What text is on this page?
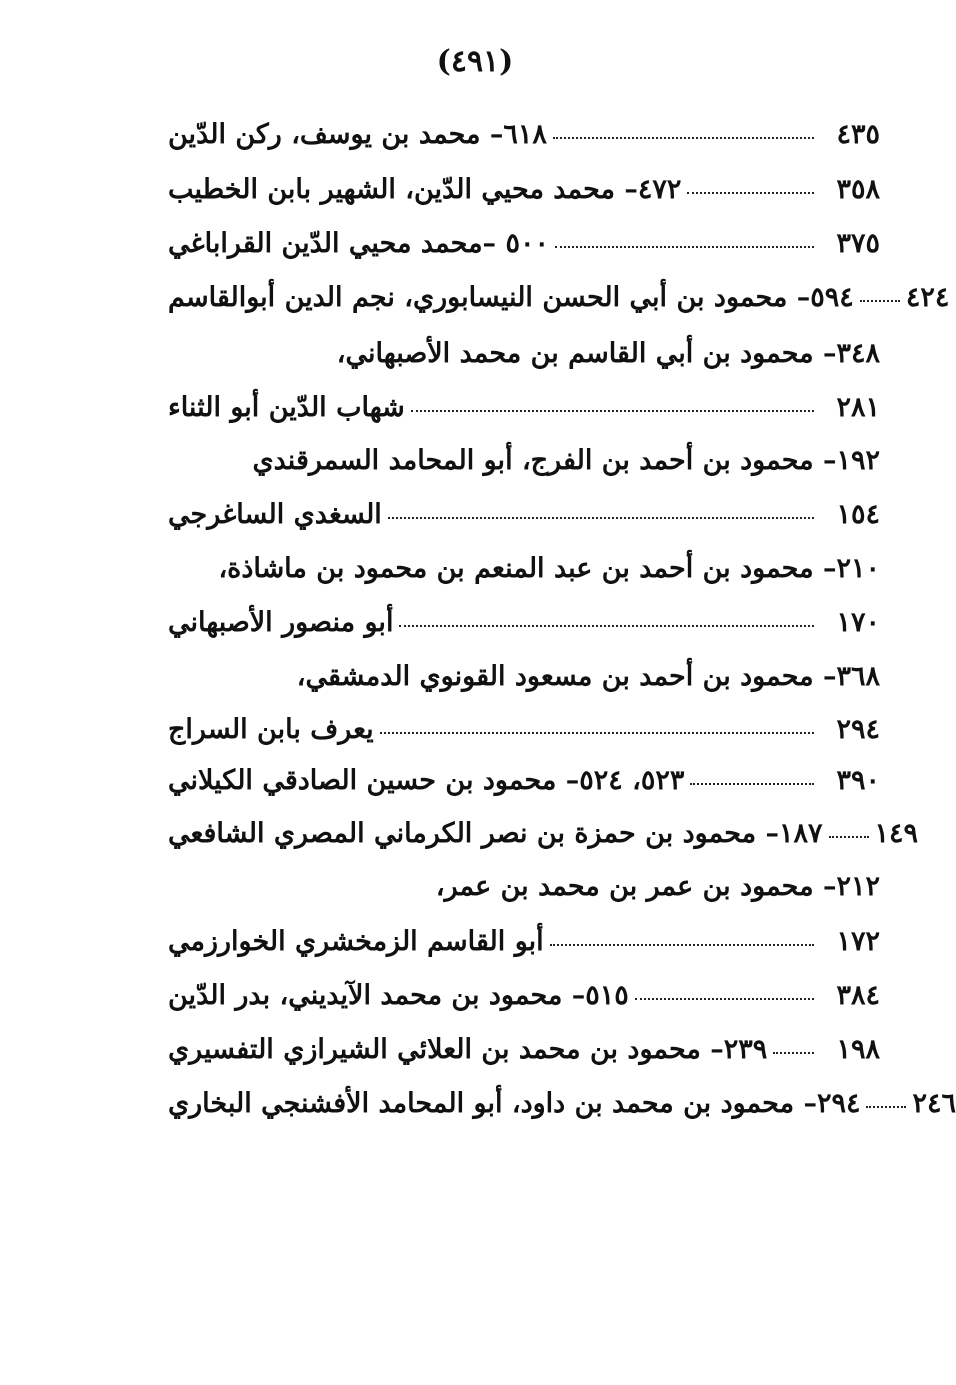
(٤٩١)
٦١٨– محمد بن يوسف، ركن الدّين	٤٣٥
٤٧٢– محمد محيي الدّين، الشهير بابن الخطيب	٣٥٨
٥٠٠ –محمد محيي الدّين القراباغي	٣٧٥
٥٩٤– محمود بن أبي الحسن النيسابوري، نجم الدين أبوالقاسم ٤٢٤
٣٤٨– محمود بن أبي القاسم بن محمد الأصبهاني،
شهاب الدّين أبو الثناء	٢٨١
١٩٢– محمود بن أحمد بن الفرج، أبو المحامد السمرقندي
السغدي الساغرجي	١٥٤
٢١٠– محمود بن أحمد بن عبد المنعم بن محمود بن ماشاذة،
أبو منصور الأصبهاني	١٧٠
٣٦٨– محمود بن أحمد بن مسعود القونوي الدمشقي،
يعرف بابن السراج	٢٩٤
٥٢٣، ٥٢٤– محمود بن حسين الصادقي الكيلاني	٣٩٠
١٨٧– محمود بن حمزة بن نصر الكرماني المصري الشافعي ١٤٩
٢١٢– محمود بن عمر بن محمد بن عمر،
أبو القاسم الزمخشري الخوارزمي	١٧٢
٥١٥– محمود بن محمد الآيديني، بدر الدّين	٣٨٤
٢٣٩– محمود بن محمد بن العلائي الشيرازي التفسيري	١٩٨
٢٩٤– محمود بن محمد بن داود، أبو المحامد الأفشنجي البخاري ٢٤٦
